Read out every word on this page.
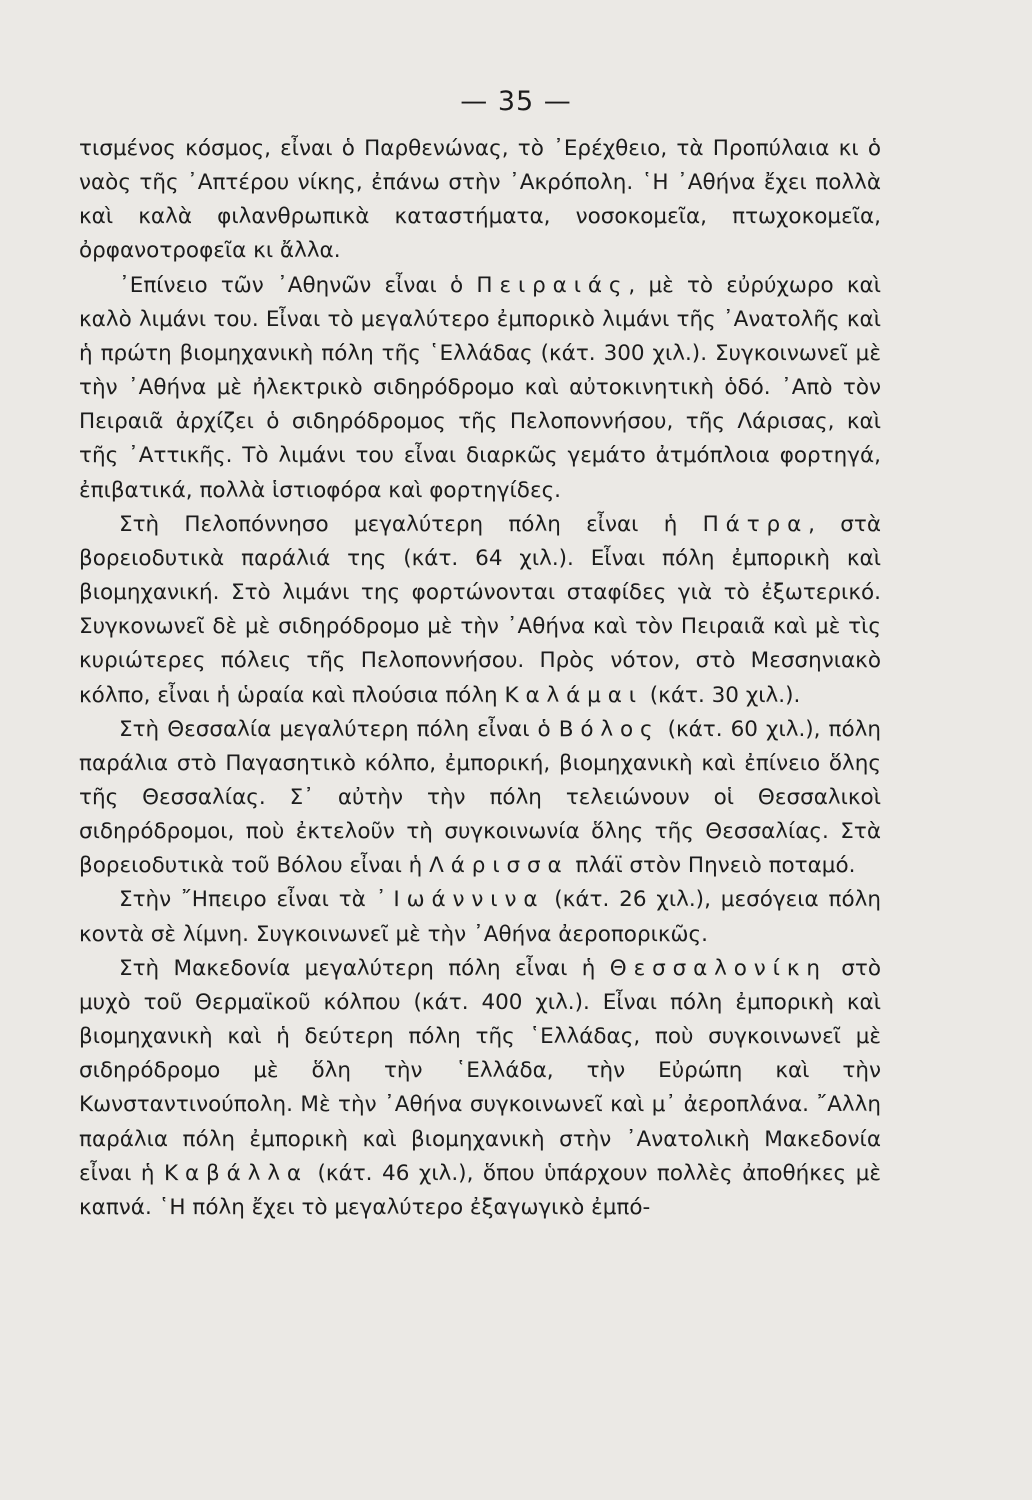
— 35 —

τισμένος κόσμος, εἶναι ὁ Παρθενώνας, τὸ ᾿Ερέχθειο, τὰ Προπύλαια κι ὁ ναὸς τῆς ᾿Απτέρου νίκης, ἐπάνω στὴν ᾿Ακρόπολη. ῾Η ᾿Αθήνα ἔχει πολλὰ καὶ καλὰ φιλανθρωπικὰ καταστήματα, νοσοκομεῖα, πτωχοκομεῖα, ὀρφανοτροφεῖα κι ἄλλα.

᾿Επίνειο τῶν ᾿Αθηνῶν εἶναι ὁ Πειραιάς, μὲ τὸ εὐρύχωρο καὶ καλὸ λιμάνι του. Εἶναι τὸ μεγαλύτερο ἐμπορικὸ λιμάνι τῆς ᾿Ανατολῆς καὶ ἡ πρώτη βιομηχανικὴ πόλη τῆς ῾Ελλάδας (κάτ. 300 χιλ.). Συγκοινωνεῖ μὲ τὴν ᾿Αθήνα μὲ ἠλεκτρικὸ σιδηρόδρομο καὶ αὐτοκινητικὴ ὁδό. ᾿Απὸ τὸν Πειραιᾶ ἀρχίζει ὁ σιδηρόδρομος τῆς Πελοποννήσου, τῆς Λάρισας, καὶ τῆς ᾿Αττικῆς. Τὸ λιμάνι του εἶναι διαρκῶς γεμάτο ἀτμόπλοια φορτηγά, ἐπιβατικά, πολλὰ ἱστιοφόρα καὶ φορτηγίδες.

Στὴ Πελοπόννησο μεγαλύτερη πόλη εἶναι ἡ Πάτρα, στὰ βορειοδυτικὰ παράλιά της (κάτ. 64 χιλ.). Εἶναι πόλη ἐμπορικὴ καὶ βιομηχανική. Στὸ λιμάνι της φορτώνονται σταφίδες γιὰ τὸ ἐξωτερικό. Συγκονωνεῖ δὲ μὲ σιδηρόδρομο μὲ τὴν ᾿Αθήνα καὶ τὸν Πειραιᾶ καὶ μὲ τὶς κυριώτερες πόλεις τῆς Πελοποννήσου. Πρὸς νότον, στὸ Μεσσηνιακὸ κόλπο, εἶναι ἡ ὡραία καὶ πλούσια πόλη Καλάμαι (κάτ. 30 χιλ.).

Στὴ Θεσσαλία μεγαλύτερη πόλη εἶναι ὁ Βόλος (κάτ. 60 χιλ.), πόλη παράλια στὸ Παγασητικὸ κόλπο, ἐμπορική, βιομηχανικὴ καὶ ἐπίνειο ὅλης τῆς Θεσσαλίας. Σ᾿ αὐτὴν τὴν πόλη τελειώνουν οἱ Θεσσαλικοὶ σιδηρόδρομοι, ποὺ ἐκτελοῦν τὴ συγκοινωνία ὅλης τῆς Θεσσαλίας. Στὰ βορειοδυτικὰ τοῦ Βόλου εἶναι ἡ Λάρισσα πλάϊ στὸν Πηνειὸ ποταμό.

Στὴν ῎Ηπειρο εἶναι τὰ ᾿Ιωάννινα (κάτ. 26 χιλ.), μεσόγεια πόλη κοντὰ σὲ λίμνη. Συγκοινωνεῖ μὲ τὴν ᾿Αθήνα ἀεροπορικῶς.

Στὴ Μακεδονία μεγαλύτερη πόλη εἶναι ἡ Θεσσαλονίκη στὸ μυχὸ τοῦ Θερμαϊκοῦ κόλπου (κάτ. 400 χιλ.). Εἶναι πόλη ἐμπορικὴ καὶ βιομηχανικὴ καὶ ἡ δεύτερη πόλη τῆς ῾Ελλάδας, ποὺ συγκοινωνεῖ μὲ σιδηρόδρομο μὲ ὅλη τὴν ῾Ελλάδα, τὴν Εὐρώπη καὶ τὴν Κωνσταντινούπολη. Μὲ τὴν ᾿Αθήνα συγκοινωνεῖ καὶ μ᾿ ἀεροπλάνα. ῎Αλλη παράλια πόλη ἐμπορικὴ καὶ βιομηχανικὴ στὴν ᾿Ανατολικὴ Μακεδονία εἶναι ἡ Καβάλλα (κάτ. 46 χιλ.), ὅπου ὑπάρχουν πολλὲς ἀποθήκες μὲ καπνά. ῾Η πόλη ἔχει τὸ μεγαλύτερο ἐξαγωγικὸ ἐμπό-
